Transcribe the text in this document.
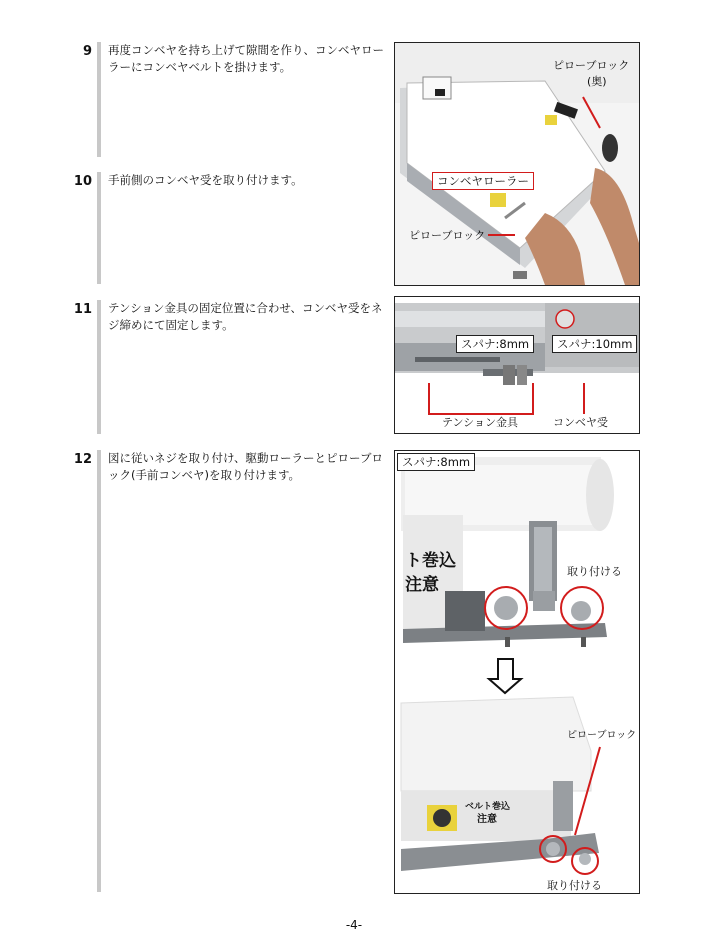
9 再度コンベヤを持ち上げて隙間を作り、コンベヤローラーにコンベヤベルトを掛けます。
10 手前側のコンベヤ受を取り付けます。
11 テンション金具の固定位置に合わせ、コンベヤ受をネジ締めにて固定します。
12 図に従いネジを取り付け、駆動ローラーとピローブロック(手前コンベヤ)を取り付けます。
ピローブロック
(奥)
コンベヤローラー
ピローブロック
スパナ:8mm	スパナ:10mm
テンション金具	コンベヤ受
スパナ:8mm
ト巻込
注意
取り付ける
ピローブロック
ベルト巻込
注意
取り付ける
-4-
